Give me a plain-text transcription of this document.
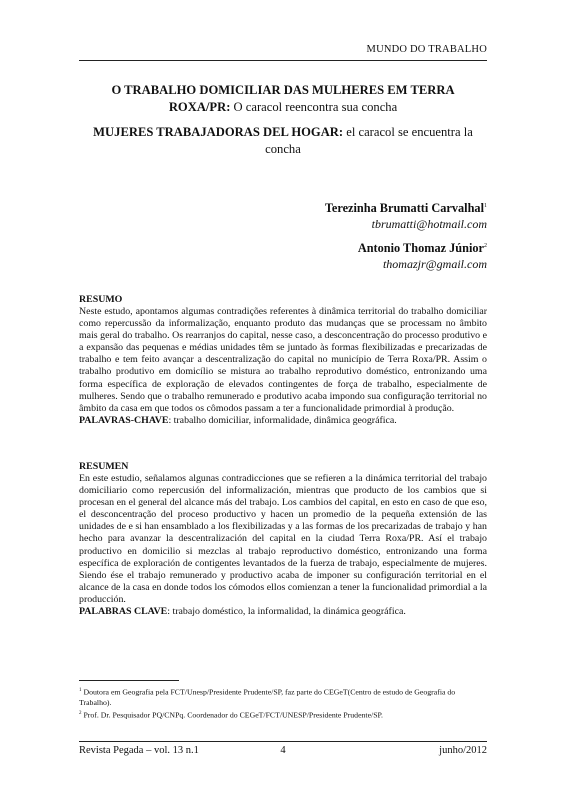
MUNDO DO TRABALHO
O TRABALHO DOMICILIAR DAS MULHERES EM TERRA
ROXA/PR: O caracol reencontra sua concha
MUJERES TRABAJADORAS DEL HOGAR: el caracol se encuentra la
concha
Terezinha Brumatti Carvalhal$^1$
tbrumatti@hotmail.com
Antonio Thomaz Júnior$^2$
thomazjr@gmail.com
RESUMO

Neste estudo, apontamos algumas contradições referentes à dinâmica territorial do trabalho domiciliar como repercussão da informalização, enquanto produto das mudanças que se processam no âmbito mais geral do trabalho. Os rearranjos do capital, nesse caso, a desconcentração do processo produtivo e a expansão das pequenas e médias unidades têm se juntado às formas flexibilizadas e precarizadas de trabalho e tem feito avançar a descentralização do capital no município de Terra Roxa/PR. Assim o trabalho produtivo em domicílio se mistura ao trabalho reprodutivo doméstico, entronizando uma forma específica de exploração de elevados contingentes de força de trabalho, especialmente de mulheres. Sendo que o trabalho remunerado e produtivo acaba impondo sua configuração territorial no âmbito da casa em que todos os cômodos passam a ter a funcionalidade primordial à produção.

PALAVRAS-CHAVE: trabalho domiciliar, informalidade, dinâmica geográfica.

RESUMEN

En este estudio, señalamos algunas contradicciones que se refieren a la dinámica territorial del trabajo domiciliario como repercusión del informalización, mientras que producto de los cambios que si procesan en el general del alcance más del trabajo. Los cambios del capital, en esto en caso de que eso, el desconcentração del proceso productivo y hacen un promedio de la pequeña extensión de las unidades de e si han ensamblado a los flexibilizadas y a las formas de los precarizadas de trabajo y han hecho para avanzar la descentralización del capital en la ciudad Terra Roxa/PR. Así el trabajo productivo en domicilio si mezclas al trabajo reproductivo doméstico, entronizando una forma específica de exploración de contigentes levantados de la fuerza de trabajo, especialmente de mujeres. Siendo ése el trabajo remunerado y productivo acaba de imponer su configuración territorial en el alcance de la casa en donde todos los cómodos ellos comienzan a tener la funcionalidad primordial a la producción.

PALABRAS CLAVE: trabajo doméstico, la informalidad, la dinámica geográfica.

$^1$ Doutora em Geografia pela FCT/Unesp/Presidente Prudente/SP, faz parte do CEGeT(Centro de estudo de Geografia do Trabalho).

$^2$ Prof. Dr. Pesquisador PQ/CNPq. Coordenador do CEGeT/FCT/UNESP/Presidente Prudente/SP.

Revista Pegada – vol. 13 n.1	4	junho/2012
